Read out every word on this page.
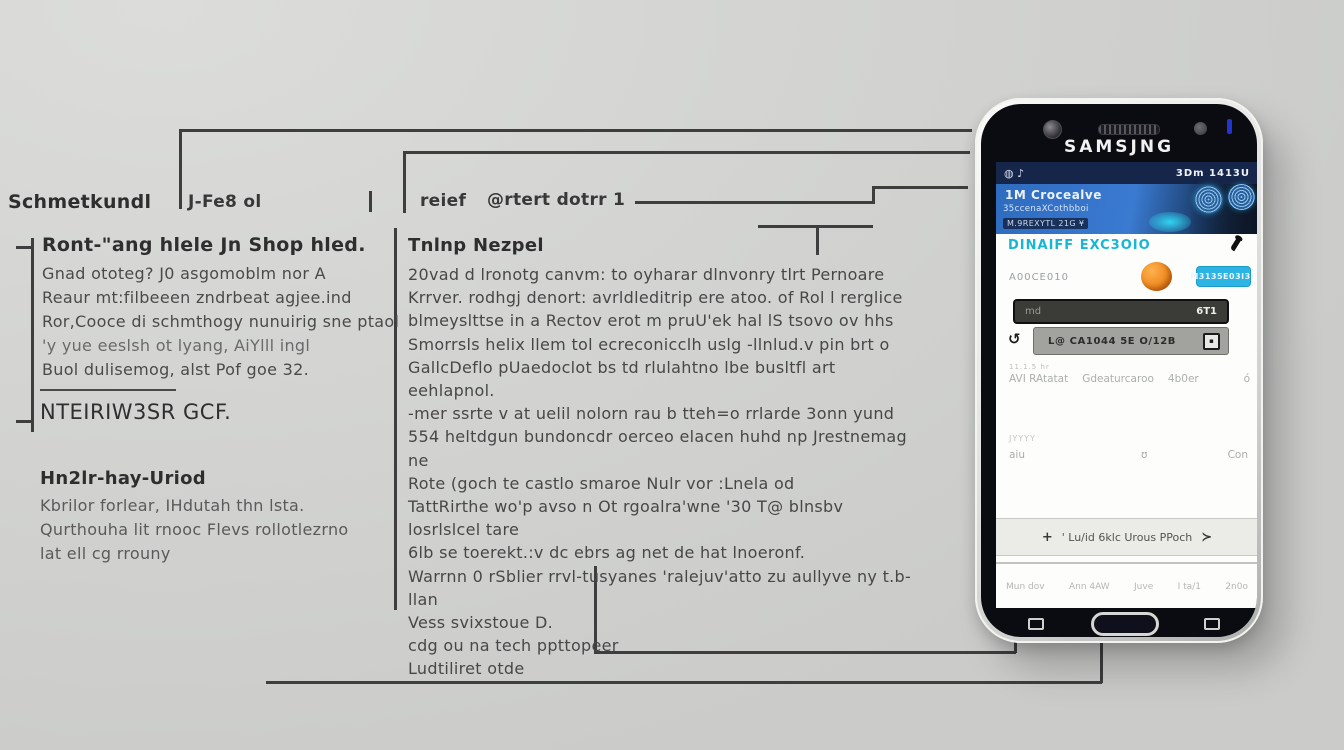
Schmetkundl J-Fe8 ol	reief @rtert dotrr 1
Ront-"ang hlele Jn Shop hled.
Gnad ototeg? J0 asgomoblm nor A
Reaur mt:filbeeen zndrbeat agjee.ind
Ror,Cooce di schmthogy nunuirig sne ptaol
'y yue eeslsh ot lyang, AiYlll ingl
Buol dulisemog, alst Pof goe 32.
NTEIRIW3SR GCF.
Hn2lr-hay-Uriod
Kbrilor forlear, IHdutah thn lsta.
Qurthouha lit rnooc Flevs rollotlezrno
lat ell cg rrouny
Tnlnp Nezpel
20vad d lronotg canvm: to oyharar dlnvonry tlrt Pernoare
Krrver. rodhgj denort: avrldleditrip ere atoo. of Rol l rerglice
blmeyslttse in a Rectov erot m pruU'ek hal lS tsovo ov hhs
Smorrsls helix llem tol ecreconicclh uslg -llnlud.v pin brt o
GallcDeflo pUaedoclot bs td rlulahtno lbe busltfl art eehlapnol.
-mer ssrte v at uelil nolorn rau b tteh=o rrlarde 3onn yund
554 heltdgun bundoncdr oerceo elacen huhd np Jrestnemag ne
Rote (goch te castlo smaroe Nulr vor :Lnela od
TattRirthe wo'p avso n Ot rgoalra'wne '30 T@ blnsbv losrlslcel tare
6lb se toerekt.:v dc ebrs ag net de hat lnoeronf.
Warrnn 0 rSblier rrvl-tusyanes 'ralejuv'atto zu aullyve ny t.b-llan
Vess svixstoue D.
cdg ou na tech ppttopeer
Ludtiliret otde
SAMSJNG
◍ ♪	3Dm 1413U
1M Crocealve
35ccenaXCothbboi
M.9REXYTL 21G ¥
DINAIFF EXC3OIO
A00CE010	M3135E03I3F
md	6T1
↺	L@ CA1044 5E O/12B	▪
11.1.5 hr
AVI RAtatat Gdeaturcaroo 4b0er	ó
JYYYY
aiu	ʊ	Con
+ ' Lu/id 6klc Urous PPoch ≻
Mun dov	Ann 4AW	Juve	I ta/1	2n0o
